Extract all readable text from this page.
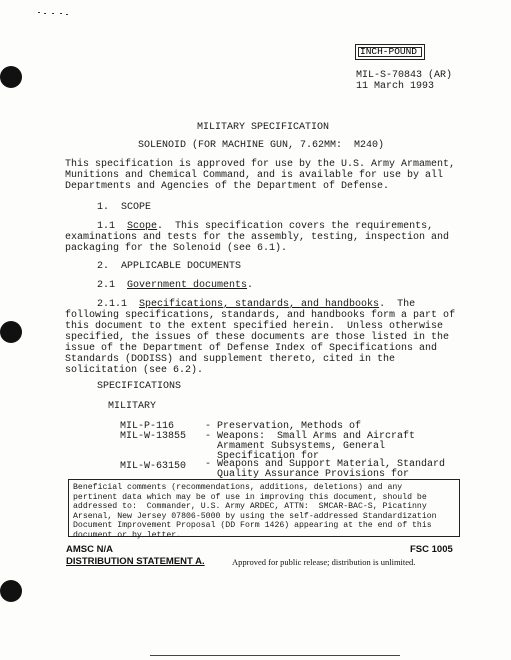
INCH-POUND
MIL-S-70843 (AR)
11 March 1993
MILITARY SPECIFICATION
SOLENOID (FOR MACHINE GUN, 7.62MM:  M240)
This specification is approved for use by the U.S. Army Armament,
Munitions and Chemical Command, and is available for use by all
Departments and Agencies of the Department of Defense.
1.  SCOPE
1.1  Scope.  This specification covers the requirements,
examinations and tests for the assembly, testing, inspection and
packaging for the Solenoid (see 6.1).
2.  APPLICABLE DOCUMENTS
2.1  Government documents.
2.1.1  Specifications, standards, and handbooks.  The
following specifications, standards, and handbooks form a part of
this document to the extent specified herein.  Unless otherwise
specified, the issues of these documents are those listed in the
issue of the Department of Defense Index of Specifications and
Standards (DODISS) and supplement thereto, cited in the
solicitation (see 6.2).
SPECIFICATIONS
MILITARY
MIL-P-116	- Preservation, Methods of
MIL-W-13855 - Weapons:  Small Arms and Aircraft
Armament Subsystems, General
Specification for
MIL-W-63150 - Weapons and Support Material, Standard
Quality Assurance Provisions for
Beneficial comments (recommendations, additions, deletions) and any
pertinent data which may be of use in improving this document, should be
addressed to:  Commander, U.S. Army ARDEC, ATTN:  SMCAR-BAC-S, Picatinny
Arsenal, New Jersey 07806-5000 by using the self-addressed Standardization
Document Improvement Proposal (DD Form 1426) appearing at the end of this
document or by letter.
AMSC N/A	FSC 1005
DISTRIBUTION STATEMENT A.	Approved for public release; distribution is unlimited.
